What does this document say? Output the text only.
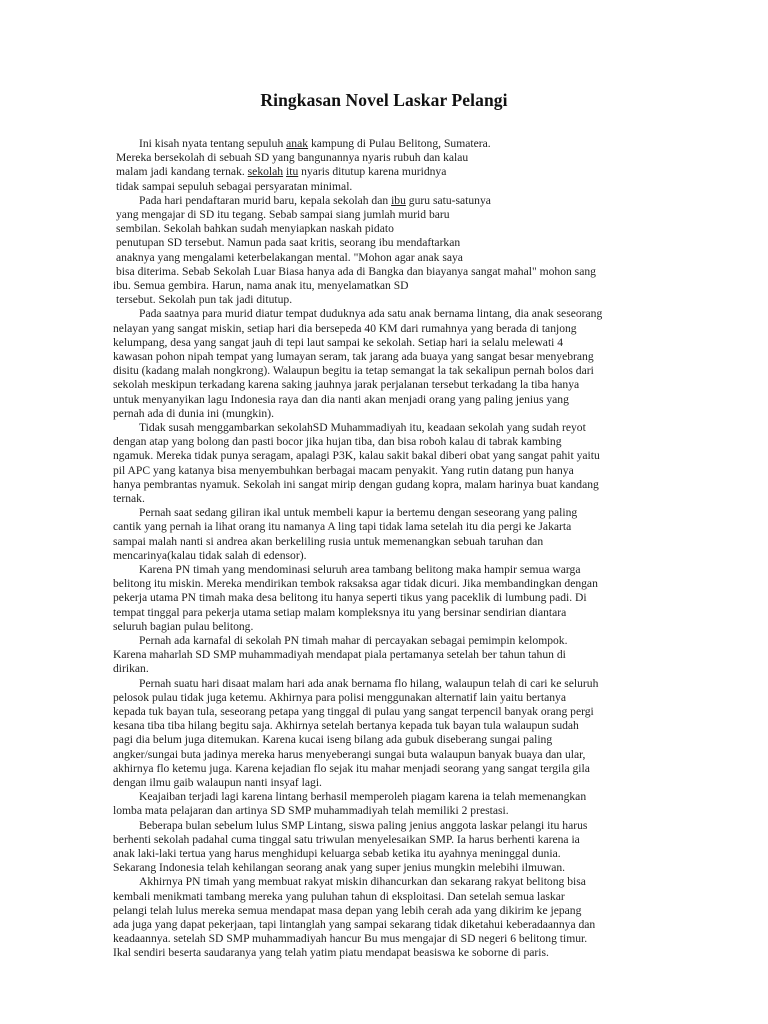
Ringkasan Novel Laskar Pelangi
Ini kisah nyata tentang sepuluh anak kampung di Pulau Belitong, Sumatera.
Mereka bersekolah di sebuah SD yang bangunannya nyaris rubuh dan kalau
malam jadi kandang ternak. sekolah itu nyaris ditutup karena muridnya
tidak sampai sepuluh sebagai persyaratan minimal.
Pada hari pendaftaran murid baru, kepala sekolah dan ibu guru satu-satunya
yang mengajar di SD itu tegang. Sebab sampai siang jumlah murid baru
sembilan. Sekolah bahkan sudah menyiapkan naskah pidato
penutupan SD tersebut. Namun pada saat kritis, seorang ibu mendaftarkan
anaknya yang mengalami keterbelakangan mental. "Mohon agar anak saya
bisa diterima. Sebab Sekolah Luar Biasa hanya ada di Bangka dan biayanya sangat mahal" mohon sang
ibu. Semua gembira. Harun, nama anak itu, menyelamatkan SD
tersebut. Sekolah pun tak jadi ditutup.
Pada saatnya para murid diatur tempat duduknya ada satu anak bernama lintang, dia anak seseorang
nelayan yang sangat miskin, setiap hari dia bersepeda 40 KM dari rumahnya yang berada di tanjong
kelumpang, desa yang sangat jauh di tepi laut sampai ke sekolah. Setiap hari ia selalu melewati 4
kawasan pohon nipah tempat yang lumayan seram, tak jarang ada buaya yang sangat besar menyebrang
disitu (kadang malah nongkrong). Walaupun begitu ia tetap semangat la tak sekalipun pernah bolos dari
sekolah meskipun terkadang karena saking jauhnya jarak perjalanan tersebut terkadang la tiba hanya
untuk menyanyikan lagu Indonesia raya dan dia nanti akan menjadi orang yang paling jenius yang
pernah ada di dunia ini (mungkin).
Tidak susah menggambarkan sekolahSD Muhammadiyah itu, keadaan sekolah yang sudah reyot
dengan atap yang bolong dan pasti bocor jika hujan tiba, dan bisa roboh kalau di tabrak kambing
ngamuk. Mereka tidak punya seragam, apalagi P3K, kalau sakit bakal diberi obat yang sangat pahit yaitu
pil APC yang katanya bisa menyembuhkan berbagai macam penyakit. Yang rutin datang pun hanya
hanya pembrantas nyamuk. Sekolah ini sangat mirip dengan gudang kopra, malam harinya buat kandang
ternak.
Pernah saat sedang giliran ikal untuk membeli kapur ia bertemu dengan seseorang yang paling
cantik yang pernah ia lihat orang itu namanya A ling tapi tidak lama setelah itu dia pergi ke Jakarta
sampai malah nanti si andrea akan berkeliling rusia untuk memenangkan sebuah taruhan dan
mencarinya(kalau tidak salah di edensor).
Karena PN timah yang mendominasi seluruh area tambang belitong maka hampir semua warga
belitong itu miskin. Mereka mendirikan tembok raksaksa agar tidak dicuri. Jika membandingkan dengan
pekerja utama PN timah maka desa belitong itu hanya seperti tikus yang paceklik di lumbung padi. Di
tempat tinggal para pekerja utama setiap malam kompleksnya itu yang bersinar sendirian diantara
seluruh bagian pulau belitong.
Pernah ada karnafal di sekolah PN timah mahar di percayakan sebagai pemimpin kelompok.
Karena maharlah SD SMP muhammadiyah mendapat piala pertamanya setelah ber tahun tahun di
dirikan.
Pernah suatu hari disaat malam hari ada anak bernama flo hilang, walaupun telah di cari ke seluruh
pelosok pulau tidak juga ketemu. Akhirnya para polisi menggunakan alternatif lain yaitu bertanya
kepada tuk bayan tula, seseorang petapa yang tinggal di pulau yang sangat terpencil banyak orang pergi
kesana tiba tiba hilang begitu saja. Akhirnya setelah bertanya kepada tuk bayan tula walaupun sudah
pagi dia belum juga ditemukan. Karena kucai iseng bilang ada gubuk diseberang sungai paling
angker/sungai buta jadinya mereka harus menyeberangi sungai buta walaupun banyak buaya dan ular,
akhirnya flo ketemu juga. Karena kejadian flo sejak itu mahar menjadi seorang yang sangat tergila gila
dengan ilmu gaib walaupun nanti insyaf lagi.
Keajaiban terjadi lagi karena lintang berhasil memperoleh piagam karena ia telah memenangkan
lomba mata pelajaran dan artinya SD SMP muhammadiyah telah memiliki 2 prestasi.
Beberapa bulan sebelum lulus SMP Lintang, siswa paling jenius anggota laskar pelangi itu harus
berhenti sekolah padahal cuma tinggal satu triwulan menyelesaikan SMP. Ia harus berhenti karena ia
anak laki-laki tertua yang harus menghidupi keluarga sebab ketika itu ayahnya meninggal dunia.
Sekarang Indonesia telah kehilangan seorang anak yang super jenius mungkin melebihi ilmuwan.
Akhirnya PN timah yang membuat rakyat miskin dihancurkan dan sekarang rakyat belitong bisa
kembali menikmati tambang mereka yang puluhan tahun di eksploitasi. Dan setelah semua laskar
pelangi telah lulus mereka semua mendapat masa depan yang lebih cerah ada yang dikirim ke jepang
ada juga yang dapat pekerjaan, tapi lintanglah yang sampai sekarang tidak diketahui keberadaannya dan
keadaannya. setelah SD SMP muhammadiyah hancur Bu mus mengajar di SD negeri 6 belitong timur.
Ikal sendiri beserta saudaranya yang telah yatim piatu mendapat beasiswa ke soborne di paris.
